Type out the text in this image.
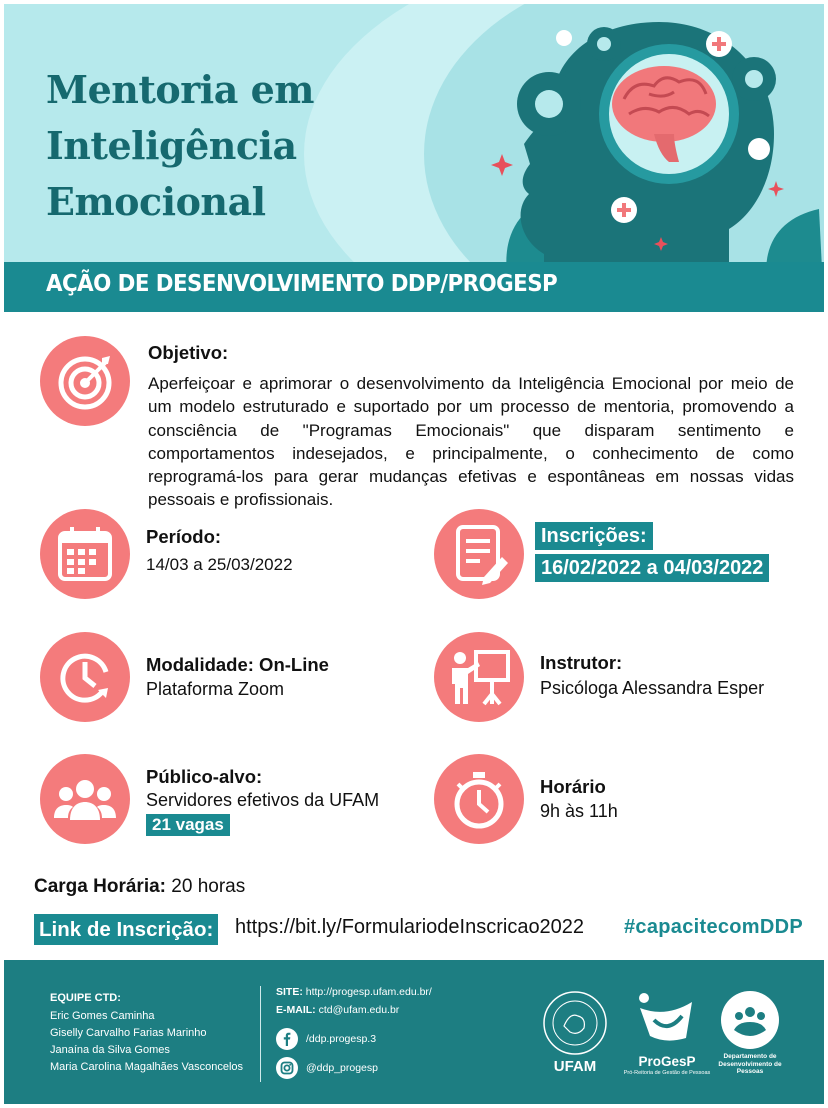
Mentoria em
Inteligência
Emocional
AÇÃO DE DESENVOLVIMENTO DDP/PROGESP
Objetivo:
Aperfeiçoar e aprimorar o desenvolvimento da Inteligência Emocional por meio de um modelo estruturado e suportado por um processo de mentoria, promovendo a consciência de "Programas Emocionais" que disparam sentimento e comportamentos indesejados, e principalmente, o conhecimento de como reprogramá-los para gerar mudanças efetivas e espontâneas em nossas vidas pessoais e profissionais.
Período:
14/03 a 25/03/2022
Inscrições:
16/02/2022 a 04/03/2022
Modalidade: On-Line
Plataforma Zoom
Instrutor:
Psicóloga Alessandra Esper
Público-alvo:
Servidores efetivos da UFAM
21 vagas
Horário
9h às 11h
Carga Horária: 20 horas
Link de Inscrição: https://bit.ly/FormulariodeInscricao2022 #capacitecomDDP
EQUIPE CTD:
Eric Gomes Caminha
Giselly Carvalho Farias Marinho
Janaína da Silva Gomes
Maria Carolina Magalhães Vasconcelos
SITE: http://progesp.ufam.edu.br/
E-MAIL: ctd@ufam.edu.br
/ddp.progesp.3
@ddp_progesp	UFAM	ProGesP
Pró-Reitoria de Gestão de Pessoas
Departamento de Desenvolvimento de Pessoas
